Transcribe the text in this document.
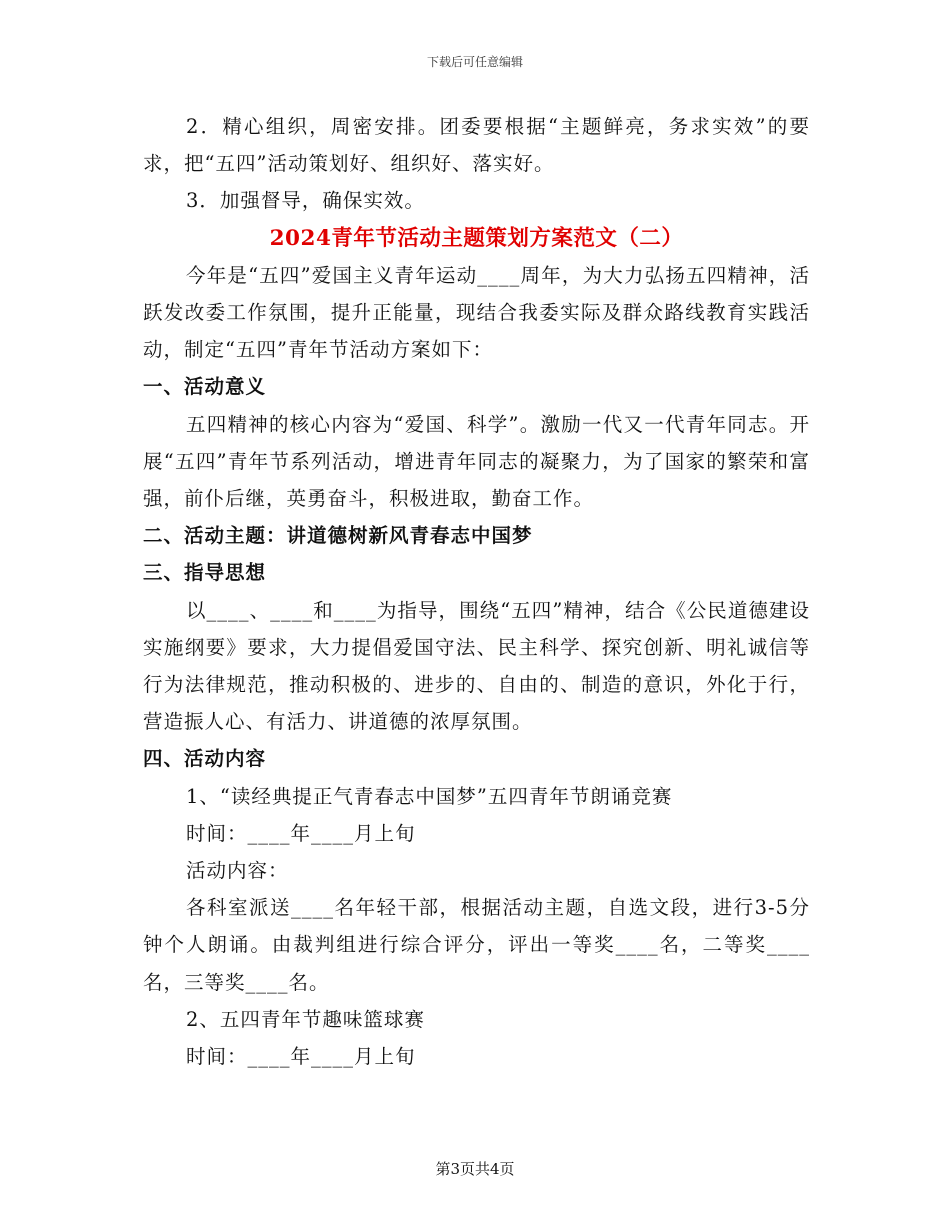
下载后可任意编辑

2．精心组织，周密安排。团委要根据“主题鲜亮，务求实效”的要求，把“五四”活动策划好、组织好、落实好。

3．加强督导，确保实效。

2024青年节活动主题策划方案范文（二）

今年是“五四”爱国主义青年运动____周年，为大力弘扬五四精神，活跃发改委工作氛围，提升正能量，现结合我委实际及群众路线教育实践活动，制定“五四”青年节活动方案如下：

一、活动意义

五四精神的核心内容为“爱国、科学”。激励一代又一代青年同志。开展“五四”青年节系列活动，增进青年同志的凝聚力，为了国家的繁荣和富强，前仆后继，英勇奋斗，积极进取，勤奋工作。

二、活动主题：讲道德树新风青春志中国梦

三、指导思想

以____、____和____为指导，围绕“五四”精神，结合《公民道德建设实施纲要》要求，大力提倡爱国守法、民主科学、探究创新、明礼诚信等行为法律规范，推动积极的、进步的、自由的、制造的意识，外化于行，营造振人心、有活力、讲道德的浓厚氛围。

四、活动内容

1、“读经典提正气青春志中国梦”五四青年节朗诵竞赛

时间：____年____月上旬

活动内容：

各科室派送____名年轻干部，根据活动主题，自选文段，进行3-5分钟个人朗诵。由裁判组进行综合评分，评出一等奖____名，二等奖____名，三等奖____名。

2、五四青年节趣味篮球赛

时间：____年____月上旬

第3页共4页
